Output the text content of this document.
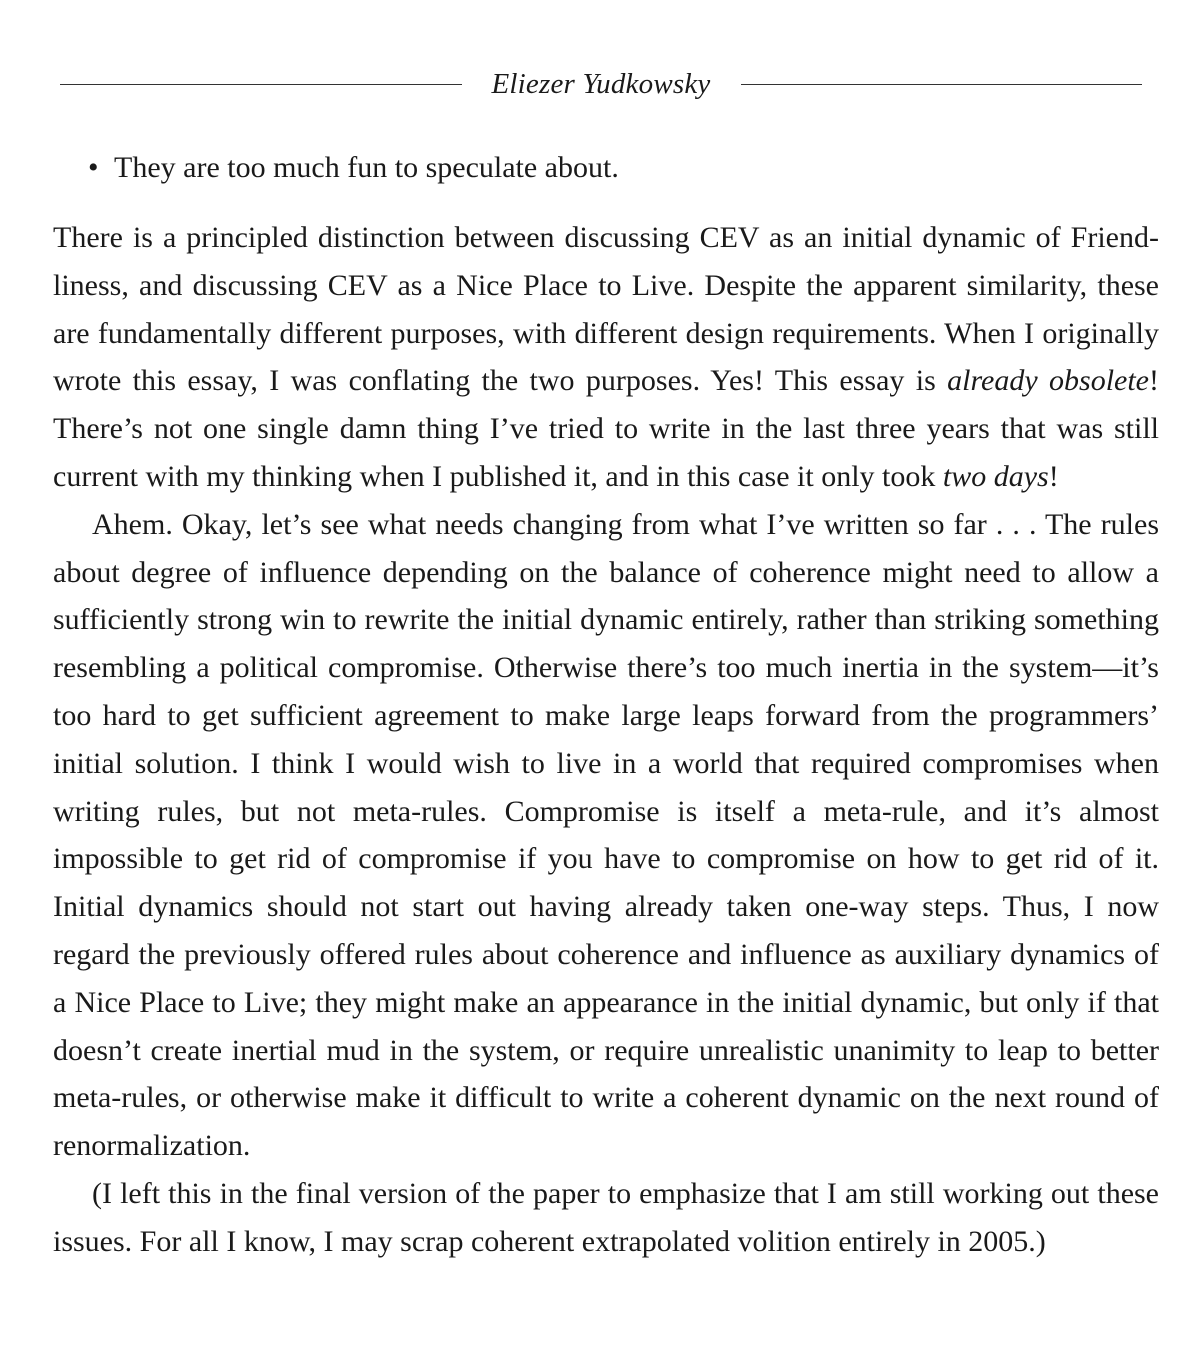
Eliezer Yudkowsky
• They are too much fun to speculate about.

There is a principled distinction between discussing CEV as an initial dynamic of Friendliness, and discussing CEV as a Nice Place to Live. Despite the apparent similarity, these are fundamentally different purposes, with different design requirements. When I originally wrote this essay, I was conflating the two purposes. Yes! This essay is already obsolete! There’s not one single damn thing I’ve tried to write in the last three years that was still current with my thinking when I published it, and in this case it only took two days!

Ahem. Okay, let’s see what needs changing from what I’ve written so far . . . The rules about degree of influence depending on the balance of coherence might need to allow a sufficiently strong win to rewrite the initial dynamic entirely, rather than striking something resembling a political compromise. Otherwise there’s too much inertia in the system—it’s too hard to get sufficient agreement to make large leaps forward from the programmers’ initial solution. I think I would wish to live in a world that required compromises when writing rules, but not meta-rules. Compromise is itself a meta-rule, and it’s almost impossible to get rid of compromise if you have to compromise on how to get rid of it. Initial dynamics should not start out having already taken one-way steps. Thus, I now regard the previously offered rules about coherence and influence as auxiliary dynamics of a Nice Place to Live; they might make an appearance in the initial dynamic, but only if that doesn’t create inertial mud in the system, or require unrealistic unanimity to leap to better meta-rules, or otherwise make it difficult to write a coherent dynamic on the next round of renormalization.

(I left this in the final version of the paper to emphasize that I am still working out these issues. For all I know, I may scrap coherent extrapolated volition entirely in 2005.)
